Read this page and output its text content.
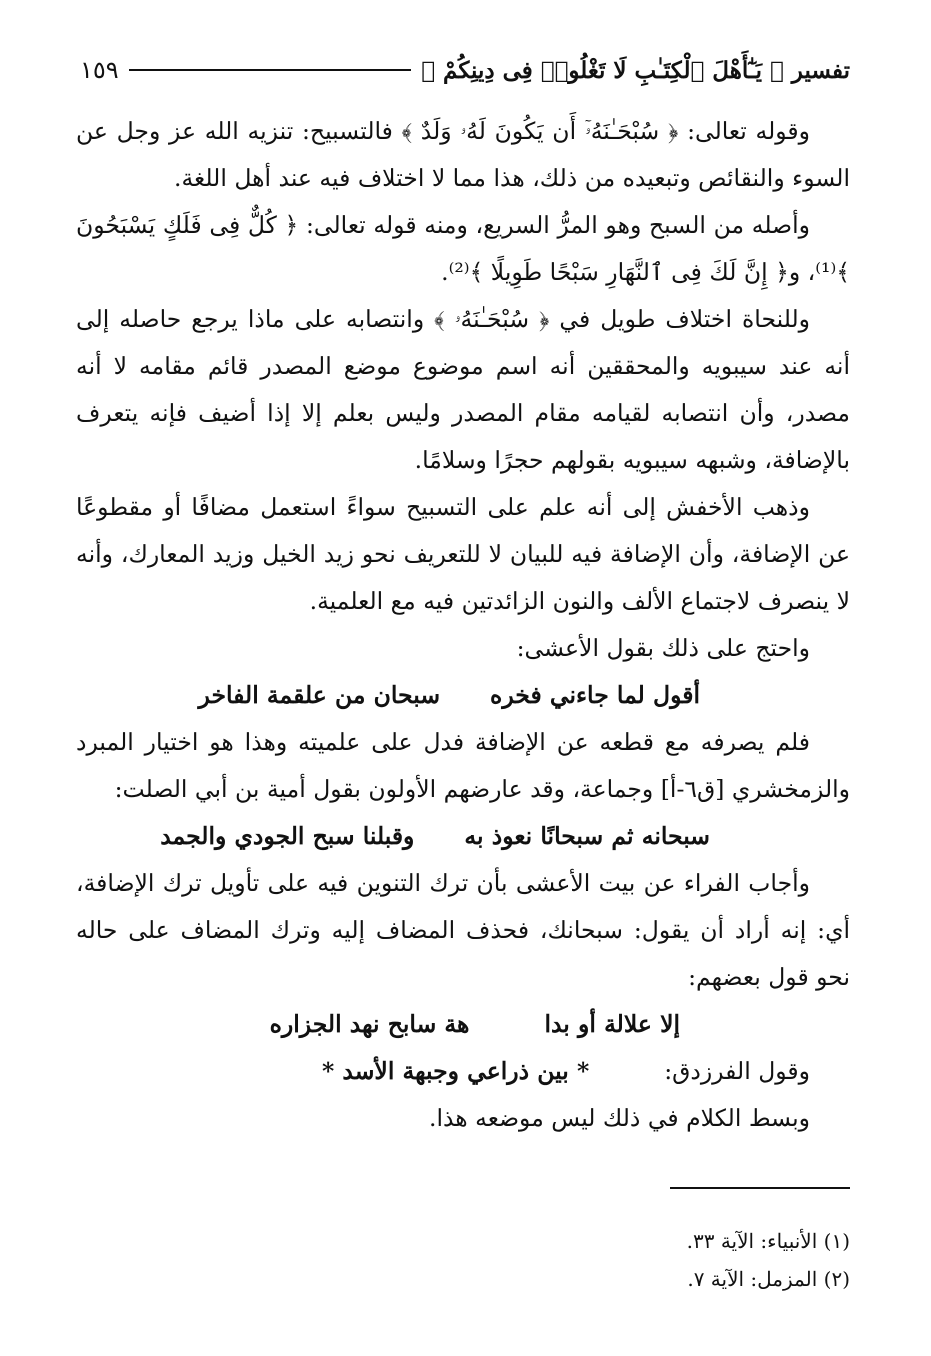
تفسير ﴿ يَـٰٓأَهْلَ ٱلْكِتَـٰبِ لَا تَغْلُوا۟ فِى دِينِكُمْ ﴾
١٥٩

وقوله تعالى: ﴿ سُبْحَـٰنَهُۥٓ أَن يَكُونَ لَهُۥ وَلَدٌ ﴾ فالتسبيح: تنزيه الله عز وجل عن السوء والنقائص وتبعيده من ذلك، هذا مما لا اختلاف فيه عند أهل اللغة.

وأصله من السبح وهو المرُّ السريع، ومنه قوله تعالى: ﴿ كُلٌّ فِى فَلَكٍ يَسْبَحُونَ ﴾⁽¹⁾، و﴿ إِنَّ لَكَ فِى ٱلنَّهَارِ سَبْحًا طَوِيلًا ﴾⁽²⁾.

وللنحاة اختلاف طويل في ﴿ سُبْحَـٰنَهُۥ ﴾ وانتصابه على ماذا يرجع حاصله إلى أنه عند سيبويه والمحققين أنه اسم موضوع موضع المصدر قائم مقامه لا أنه مصدر، وأن انتصابه لقيامه مقام المصدر وليس بعلم إلا إذا أضيف فإنه يتعرف بالإضافة، وشبهه سيبويه بقولهم حجرًا وسلامًا.

وذهب الأخفش إلى أنه علم على التسبيح سواءً استعمل مضافًا أو مقطوعًا عن الإضافة، وأن الإضافة فيه للبيان لا للتعريف نحو زيد الخيل وزيد المعارك، وأنه لا ينصرف لاجتماع الألف والنون الزائدتين فيه مع العلمية.

واحتج على ذلك بقول الأعشى:

أقول لما جاءني فخره
سبحان من علقمة الفاخر

فلم يصرفه مع قطعه عن الإضافة فدل على علميته وهذا هو اختيار المبرد والزمخشري [ق٦-أ] وجماعة، وقد عارضهم الأولون بقول أمية بن أبي الصلت:

سبحانه ثم سبحانًا نعوذ به
وقبلنا سبح الجودي والجمد

وأجاب الفراء عن بيت الأعشى بأن ترك التنوين فيه على تأويل ترك الإضافة، أي: إنه أراد أن يقول: سبحانك، فحذف المضاف إليه وترك المضاف على حاله نحو قول بعضهم:

إلا علالة أو بدا
هة سابح نهد الجزاره

وقول الفرزدق:  * بين ذراعي وجبهة الأسد *

وبسط الكلام في ذلك ليس موضعه هذا.

(١) الأنبياء: الآية ٣٣.
(٢) المزمل: الآية ٧.
